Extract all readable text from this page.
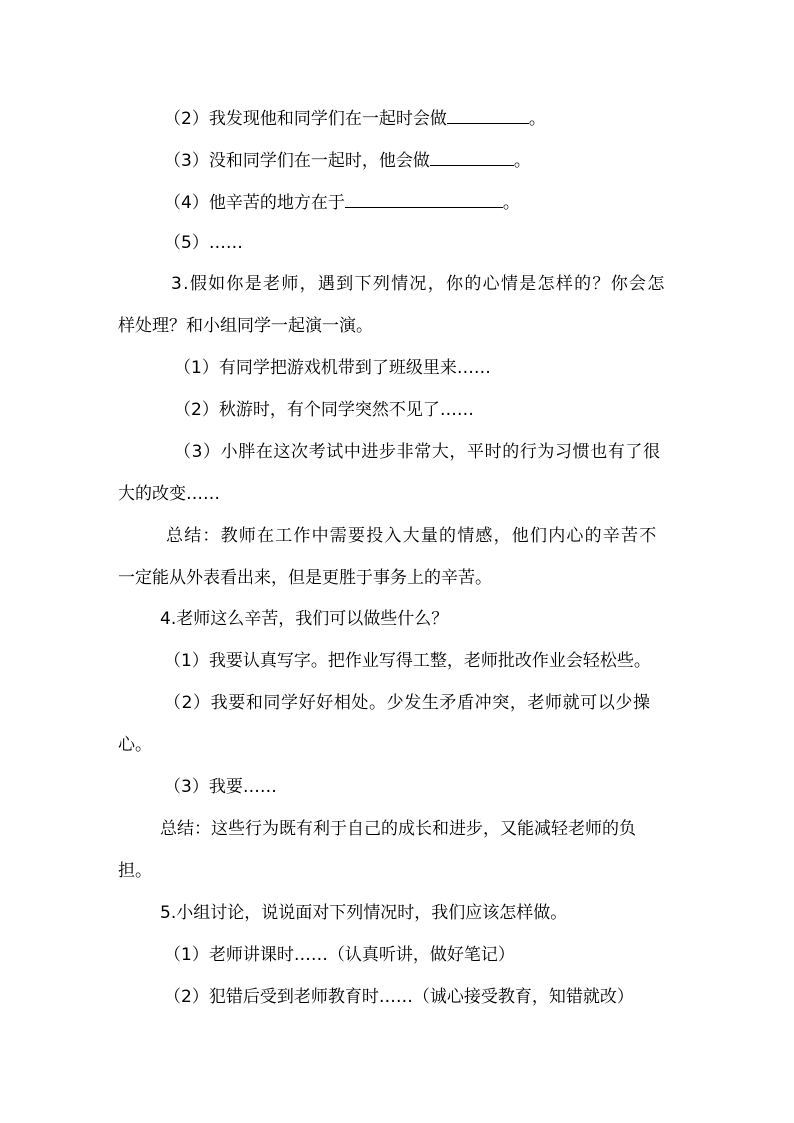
（2）我发现他和同学们在一起时会做	。
（3）没和同学们在一起时，他会做	。
（4）他辛苦的地方在于	。
（5）……
3.假如你是老师，遇到下列情况，你的心情是怎样的？你会怎
样处理？和小组同学一起演一演。
（1）有同学把游戏机带到了班级里来……
（2）秋游时，有个同学突然不见了……
（3）小胖在这次考试中进步非常大，平时的行为习惯也有了很
大的改变……
总结：教师在工作中需要投入大量的情感，他们内心的辛苦不
一定能从外表看出来，但是更胜于事务上的辛苦。
4.老师这么辛苦，我们可以做些什么？
（1）我要认真写字。把作业写得工整，老师批改作业会轻松些。
（2）我要和同学好好相处。少发生矛盾冲突，老师就可以少操
心。
（3）我要……
总结：这些行为既有利于自己的成长和进步，又能减轻老师的负
担。
5.小组讨论，说说面对下列情况时，我们应该怎样做。
（1）老师讲课时……（认真听讲，做好笔记）
（2）犯错后受到老师教育时……（诚心接受教育，知错就改）
